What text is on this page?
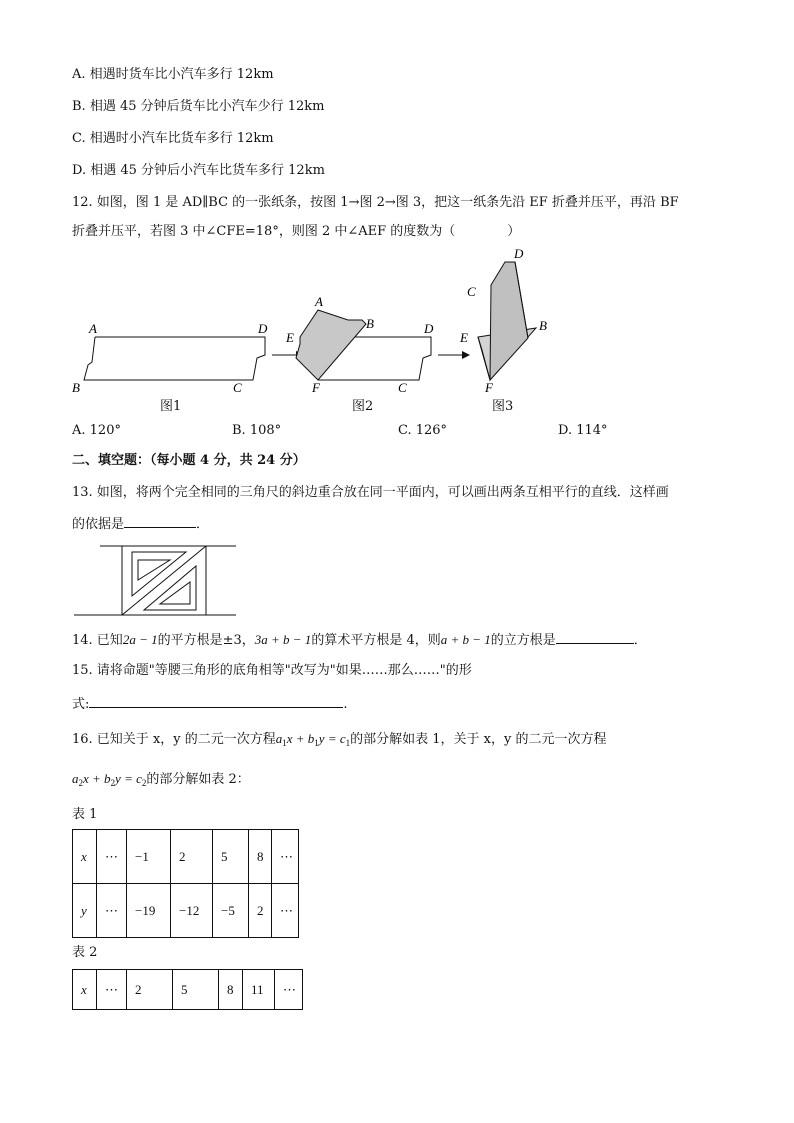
A. 相遇时货车比小汽车多行 12km
B. 相遇 45 分钟后货车比小汽车少行 12km
C. 相遇时小汽车比货车多行 12km
D. 相遇 45 分钟后小汽车比货车多行 12km
12. 如图，图 1 是 AD∥BC 的一张纸条，按图 1→图 2→图 3，把这一纸条先沿 EF 折叠并压平，再沿 BF
折叠并压平，若图 3 中∠CFE=18°，则图 2 中∠AEF 的度数为（　　　　）
A	D
B	C
A
B
E
D
F	C
D
C
B
E
F
图1	图2	图3
A. 120°	B. 108°	C. 126°	D. 114°
二、填空题：（每小题 4 分，共 24 分）
13. 如图，将两个完全相同的三角尺的斜边重合放在同一平面内，可以画出两条互相平行的直线．这样画
的依据是	．
14. 已知2a − 1的平方根是±3，3a + b − 1的算术平方根是 4，则a + b − 1的立方根是	．
15. 请将命题"等腰三角形的底角相等"改写为"如果……那么……"的形
式:	.
16. 已知关于 x，y 的二元一次方程$a_1x + b_1y = c_1$的部分解如表 1，关于 x，y 的二元一次方程
$a_2x + b_2y = c_2$的部分解如表 2：
表 1
x	⋯	−1	2	5	8	⋯
y	⋯	−19	−12	−5	2	⋯
表 2
x	⋯	2	5	8	11	⋯
